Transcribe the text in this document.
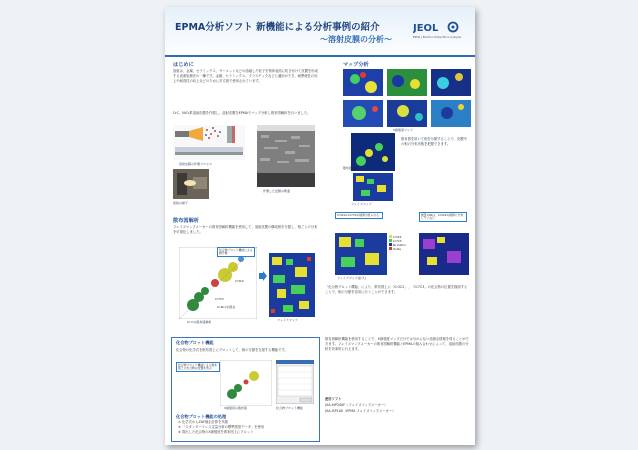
EPMA分析ソフト 新機能による分析事例の紹介
〜溶射皮膜の分析〜
JEOL
EPMA | Electron Probe Micro Analyzer
はじめに
溶射は、金属、セラミックス、サーメットなどの溶融した粒子を物体表面に吹き付けて皮膜を形成する表面処理法の一種です。金属、セラミックス、プラスチックなどに適用ができ、耐摩耗性の向上や耐食性の向上などのために多方面で使用されています。
CrC、NiCr系溶射皮膜を作製し、溶射皮膜をEPMAでマップ分析し散布図解析を行いました。
溶射皮膜の作製プロセス
溶射の様子
作製した皮膜の断面
マップ分析
X線強度マップ
散布図作成
フェイズマップ
散布図を用いて相を分類することで、皮膜中の相の分布状態を把握できます。
散布図解析
フェイズマップメーカーの散布図解析機能を使用して、溶射皮膜の構成相を分類し、相ごとの分布を可視化しました。
化合物プロット機能による
相分類
Cr3C2
Cr7C3
Cr-Ni-Cが混在
Cr-Cの散布図解析	フェイズマップ
Cr3C2+Cr7C3の境界が見られる	微量のNiは、Cr3C2の境界に分布していない
Cr3C2
Cr7C3
Ni matrix
Oxide
フェイズマップ(拡大)
「化合物プロット機能」により、散布図上に「Cr3C2」、「Cr7C3」の化合物の位置を描画することで、相の分類を容易に行うことができます。
化合物プロット機能
化合物の化学式を散布図上にプロットして、相の分類を支援する機能です。
化合物プロット機能により散布図上に化合物の位置を表示
X線強度の散布図	化合物プロット機能
化合物プロット機能の処理
① 化学式からZAF補正計算を実施
② 「スタンダードレス定量分析の標準感度データ」を使用
③ 算出した化合物のX線強度を散布図上にプロット
散布図解析機能を使用することで、X線強度マップだけでは分からない詳細な情報を得ることができます。フェイズマップメーカーの散布図解析機能とEPMAの組み合わせによって、溶射皮膜の分析を効率的に行えます。
使用ソフト
JXA-iHP200F（フェイズマップメーカー）
JXA-iSP100（EPMA フェイズマップメーカー）
